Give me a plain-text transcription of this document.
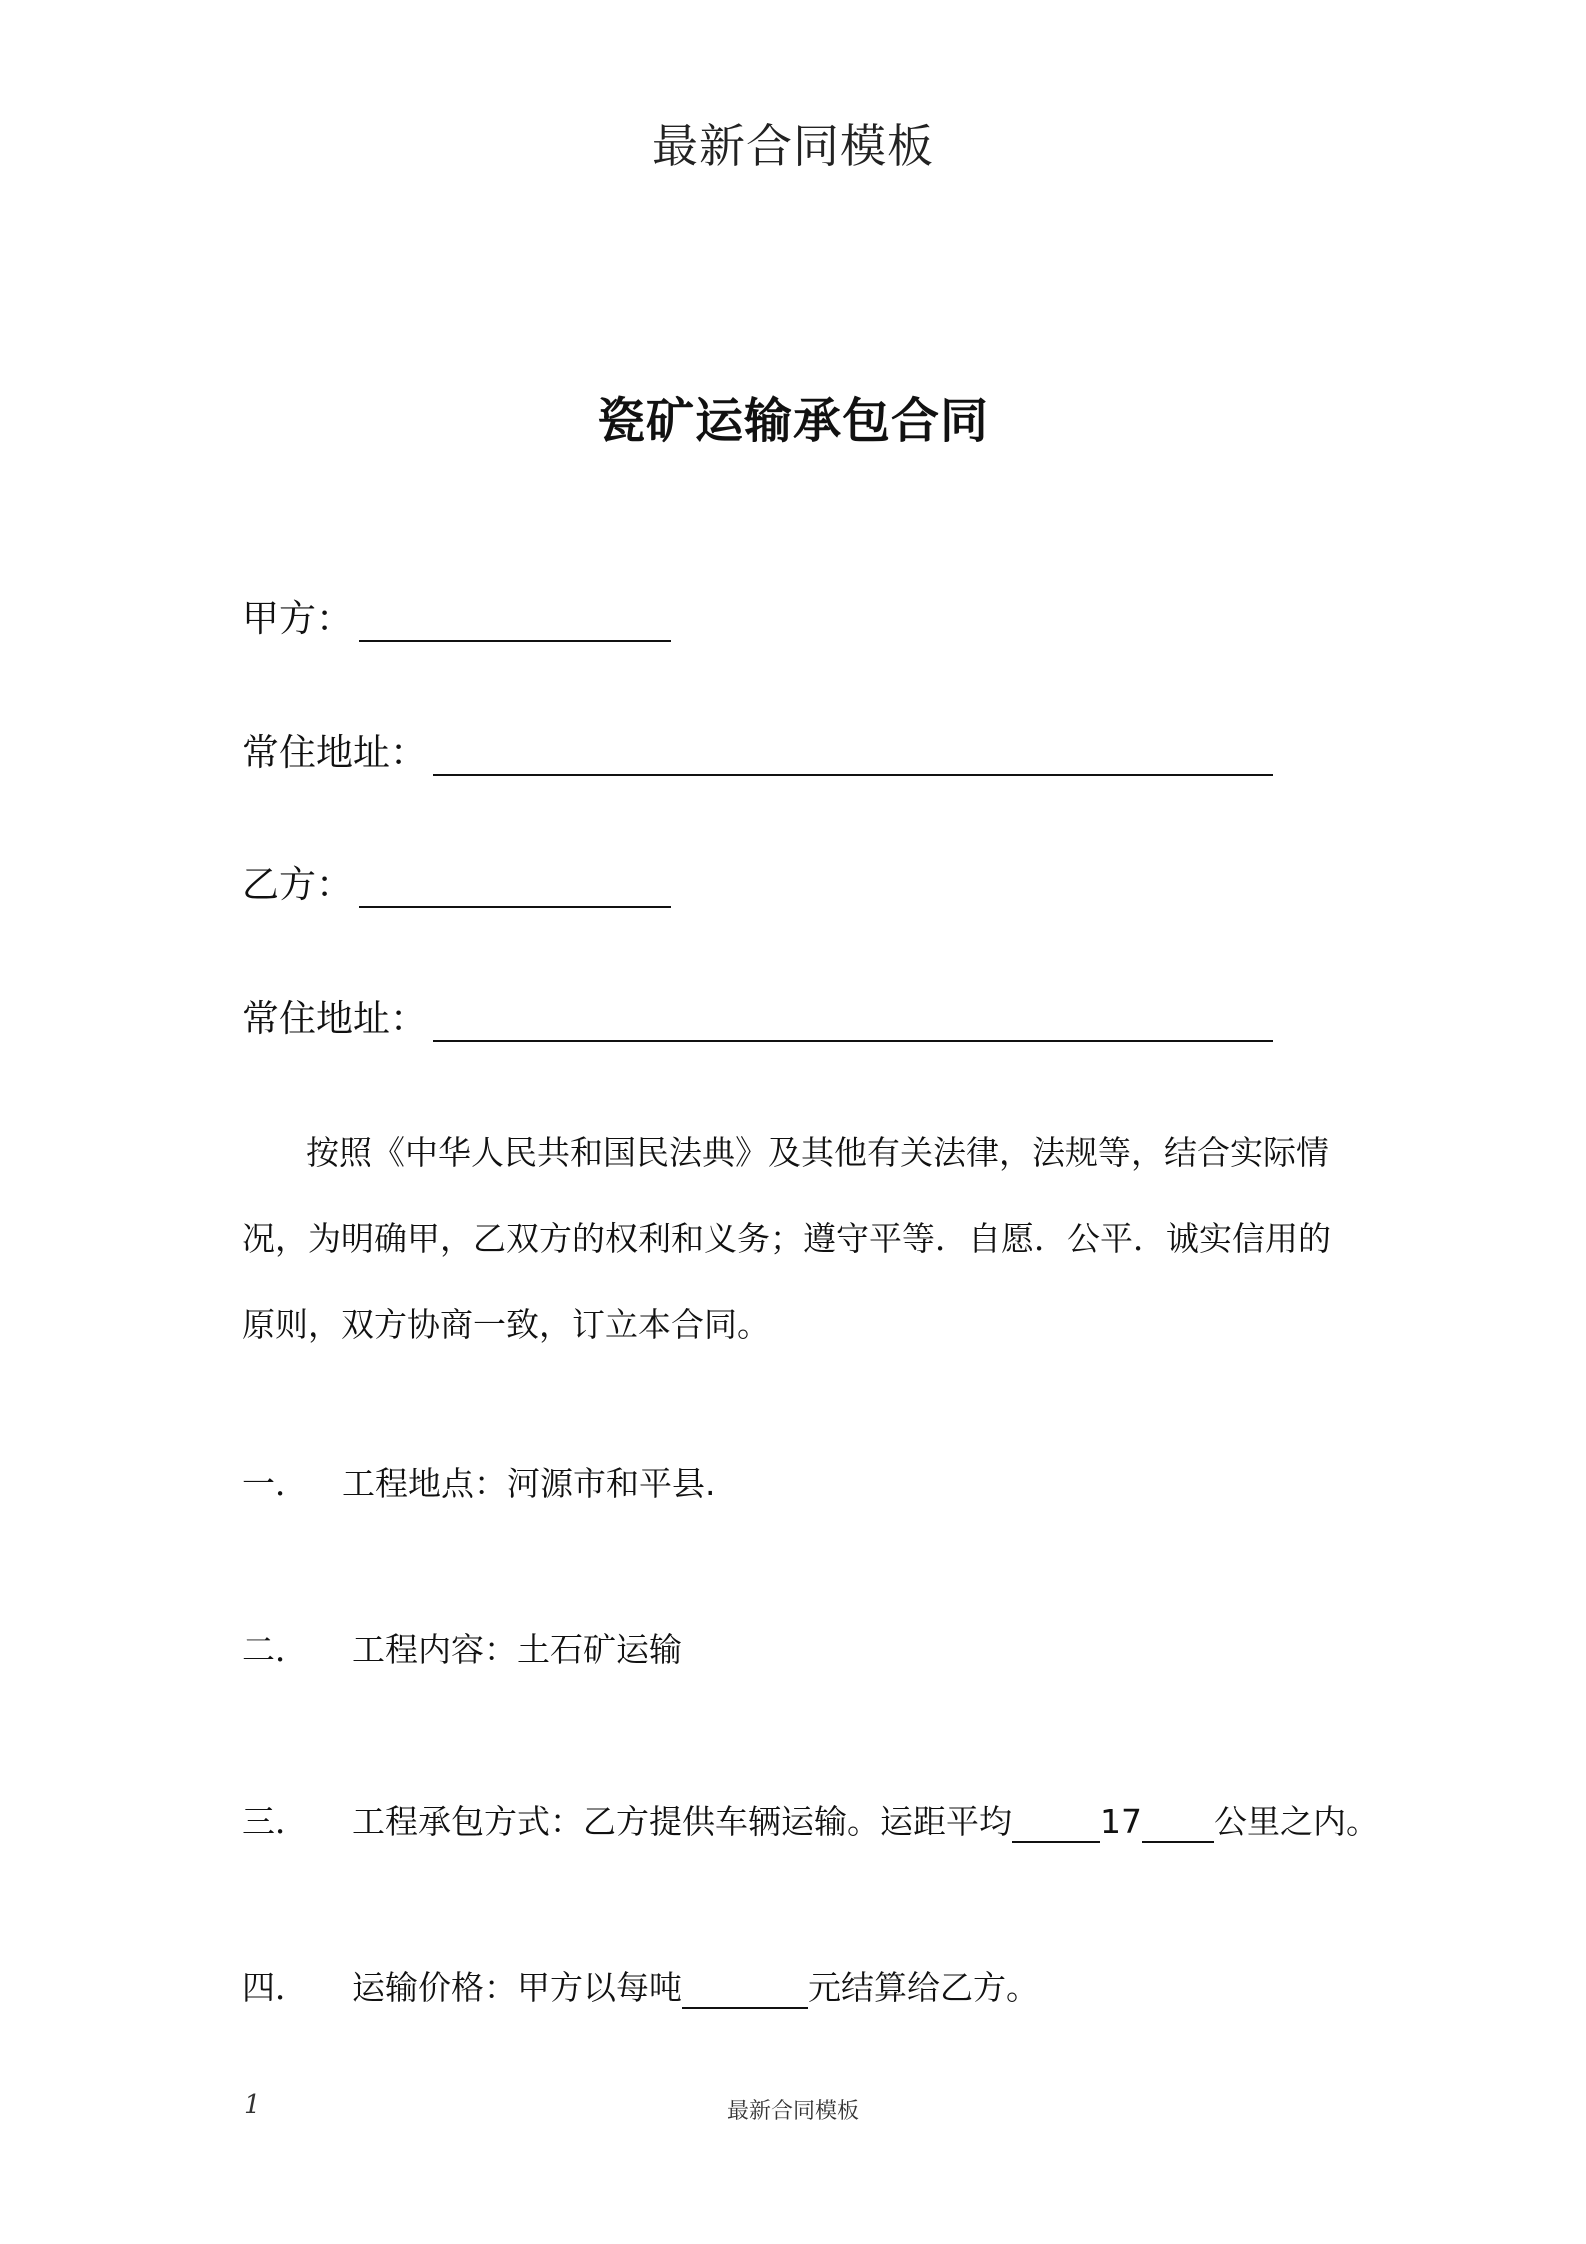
最新合同模板
瓷矿运输承包合同
甲方：
常住地址：
乙方：
常住地址：
按照《中华人民共和国民法典》及其他有关法律，法规等，结合实际情况，为明确甲，乙双方的权利和义务；遵守平等．自愿．公平．诚实信用的原则，双方协商一致，订立本合同。
一． 工程地点：河源市和平县.
二． 工程内容：土石矿运输
三． 工程承包方式：乙方提供车辆运输。运距平均	17 公里之内。
四． 运输价格：甲方以每吨	元结算给乙方。
1	最新合同模板
